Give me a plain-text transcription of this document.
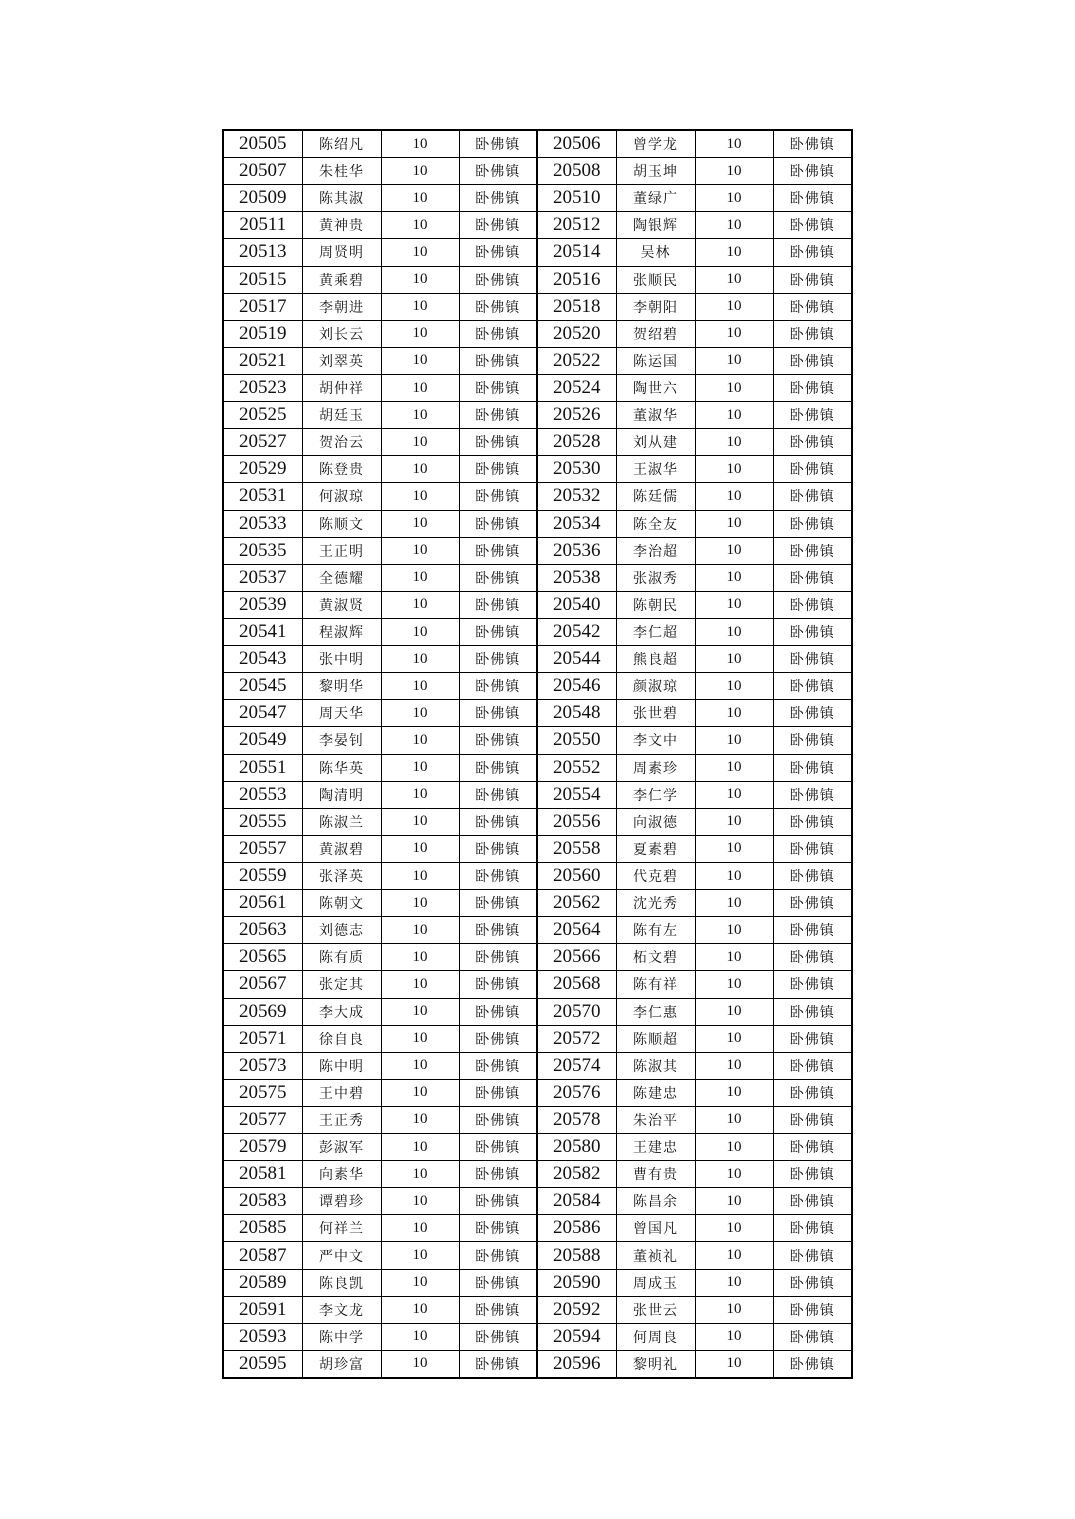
20505	陈绍凡	10	卧佛镇	20506	曾学龙	10	卧佛镇
20507	朱桂华	10	卧佛镇	20508	胡玉坤	10	卧佛镇
20509	陈其淑	10	卧佛镇	20510	董绿广	10	卧佛镇
20511	黄神贵	10	卧佛镇	20512	陶银辉	10	卧佛镇
20513	周贤明	10	卧佛镇	20514	吴林	10	卧佛镇
20515	黄乘碧	10	卧佛镇	20516	张顺民	10	卧佛镇
20517	李朝进	10	卧佛镇	20518	李朝阳	10	卧佛镇
20519	刘长云	10	卧佛镇	20520	贺绍碧	10	卧佛镇
20521	刘翠英	10	卧佛镇	20522	陈运国	10	卧佛镇
20523	胡仲祥	10	卧佛镇	20524	陶世六	10	卧佛镇
20525	胡廷玉	10	卧佛镇	20526	董淑华	10	卧佛镇
20527	贺治云	10	卧佛镇	20528	刘从建	10	卧佛镇
20529	陈登贵	10	卧佛镇	20530	王淑华	10	卧佛镇
20531	何淑琼	10	卧佛镇	20532	陈廷儒	10	卧佛镇
20533	陈顺文	10	卧佛镇	20534	陈全友	10	卧佛镇
20535	王正明	10	卧佛镇	20536	李治超	10	卧佛镇
20537	全德耀	10	卧佛镇	20538	张淑秀	10	卧佛镇
20539	黄淑贤	10	卧佛镇	20540	陈朝民	10	卧佛镇
20541	程淑辉	10	卧佛镇	20542	李仁超	10	卧佛镇
20543	张中明	10	卧佛镇	20544	熊良超	10	卧佛镇
20545	黎明华	10	卧佛镇	20546	颜淑琼	10	卧佛镇
20547	周天华	10	卧佛镇	20548	张世碧	10	卧佛镇
20549	李晏钊	10	卧佛镇	20550	李文中	10	卧佛镇
20551	陈华英	10	卧佛镇	20552	周素珍	10	卧佛镇
20553	陶清明	10	卧佛镇	20554	李仁学	10	卧佛镇
20555	陈淑兰	10	卧佛镇	20556	向淑德	10	卧佛镇
20557	黄淑碧	10	卧佛镇	20558	夏素碧	10	卧佛镇
20559	张泽英	10	卧佛镇	20560	代克碧	10	卧佛镇
20561	陈朝文	10	卧佛镇	20562	沈光秀	10	卧佛镇
20563	刘德志	10	卧佛镇	20564	陈有左	10	卧佛镇
20565	陈有质	10	卧佛镇	20566	柘文碧	10	卧佛镇
20567	张定其	10	卧佛镇	20568	陈有祥	10	卧佛镇
20569	李大成	10	卧佛镇	20570	李仁惠	10	卧佛镇
20571	徐自良	10	卧佛镇	20572	陈顺超	10	卧佛镇
20573	陈中明	10	卧佛镇	20574	陈淑其	10	卧佛镇
20575	王中碧	10	卧佛镇	20576	陈建忠	10	卧佛镇
20577	王正秀	10	卧佛镇	20578	朱治平	10	卧佛镇
20579	彭淑军	10	卧佛镇	20580	王建忠	10	卧佛镇
20581	向素华	10	卧佛镇	20582	曹有贵	10	卧佛镇
20583	谭碧珍	10	卧佛镇	20584	陈昌余	10	卧佛镇
20585	何祥兰	10	卧佛镇	20586	曾国凡	10	卧佛镇
20587	严中文	10	卧佛镇	20588	董祯礼	10	卧佛镇
20589	陈良凯	10	卧佛镇	20590	周成玉	10	卧佛镇
20591	李文龙	10	卧佛镇	20592	张世云	10	卧佛镇
20593	陈中学	10	卧佛镇	20594	何周良	10	卧佛镇
20595	胡珍富	10	卧佛镇	20596	黎明礼	10	卧佛镇
